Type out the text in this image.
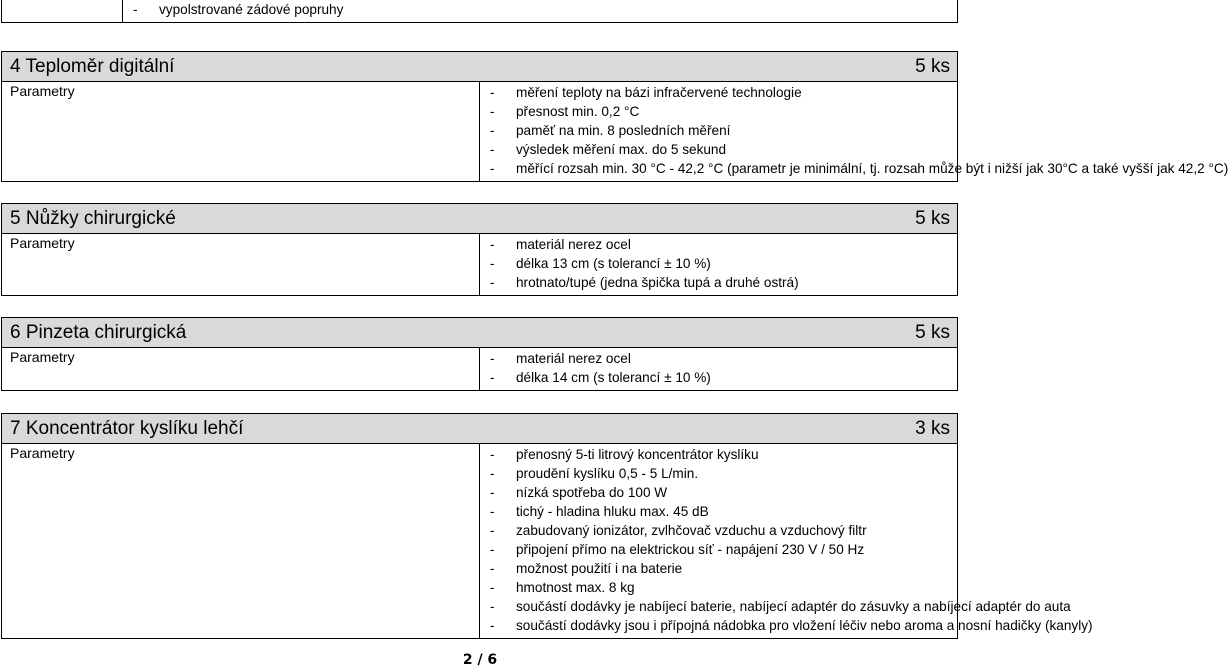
-	vypolstrované zádové popruhy
4 Teploměr digitální	5 ks

Parametry	-	měření teploty na bázi infračervené technologie
-	přesnost min. 0,2 °C
-	paměť na min. 8 posledních měření
-	výsledek měření max. do 5 sekund
-	měřící rozsah min. 30 °C - 42,2 °C (parametr je minimální, tj. rozsah může být i nižší jak 30°C a také vyšší jak 42,2 °C)
5 Nůžky chirurgické	5 ks

Parametry	-	materiál nerez ocel
-	délka 13 cm (s tolerancí ± 10 %)
-	hrotnato/tupé (jedna špička tupá a druhé ostrá)
6 Pinzeta chirurgická	5 ks

Parametry	-	materiál nerez ocel
-	délka 14 cm (s tolerancí ± 10 %)
7 Koncentrátor kyslíku lehčí	3 ks

Parametry	-	přenosný 5-ti litrový koncentrátor kyslíku
-	proudění kyslíku 0,5 - 5 L/min.
-	nízká spotřeba do 100 W
-	tichý - hladina hluku max. 45 dB
-	zabudovaný ionizátor, zvlhčovač vzduchu a vzduchový filtr
-	připojení přímo na elektrickou síť - napájení 230 V / 50 Hz
-	možnost použití i na baterie
-	hmotnost max. 8 kg
-	součástí dodávky je nabíjecí baterie, nabíjecí adaptér do zásuvky a nabíjecí adaptér do auta
-	součástí dodávky jsou i přípojná nádobka pro vložení léčiv nebo aroma a nosní hadičky (kanyly)
2 / 6
